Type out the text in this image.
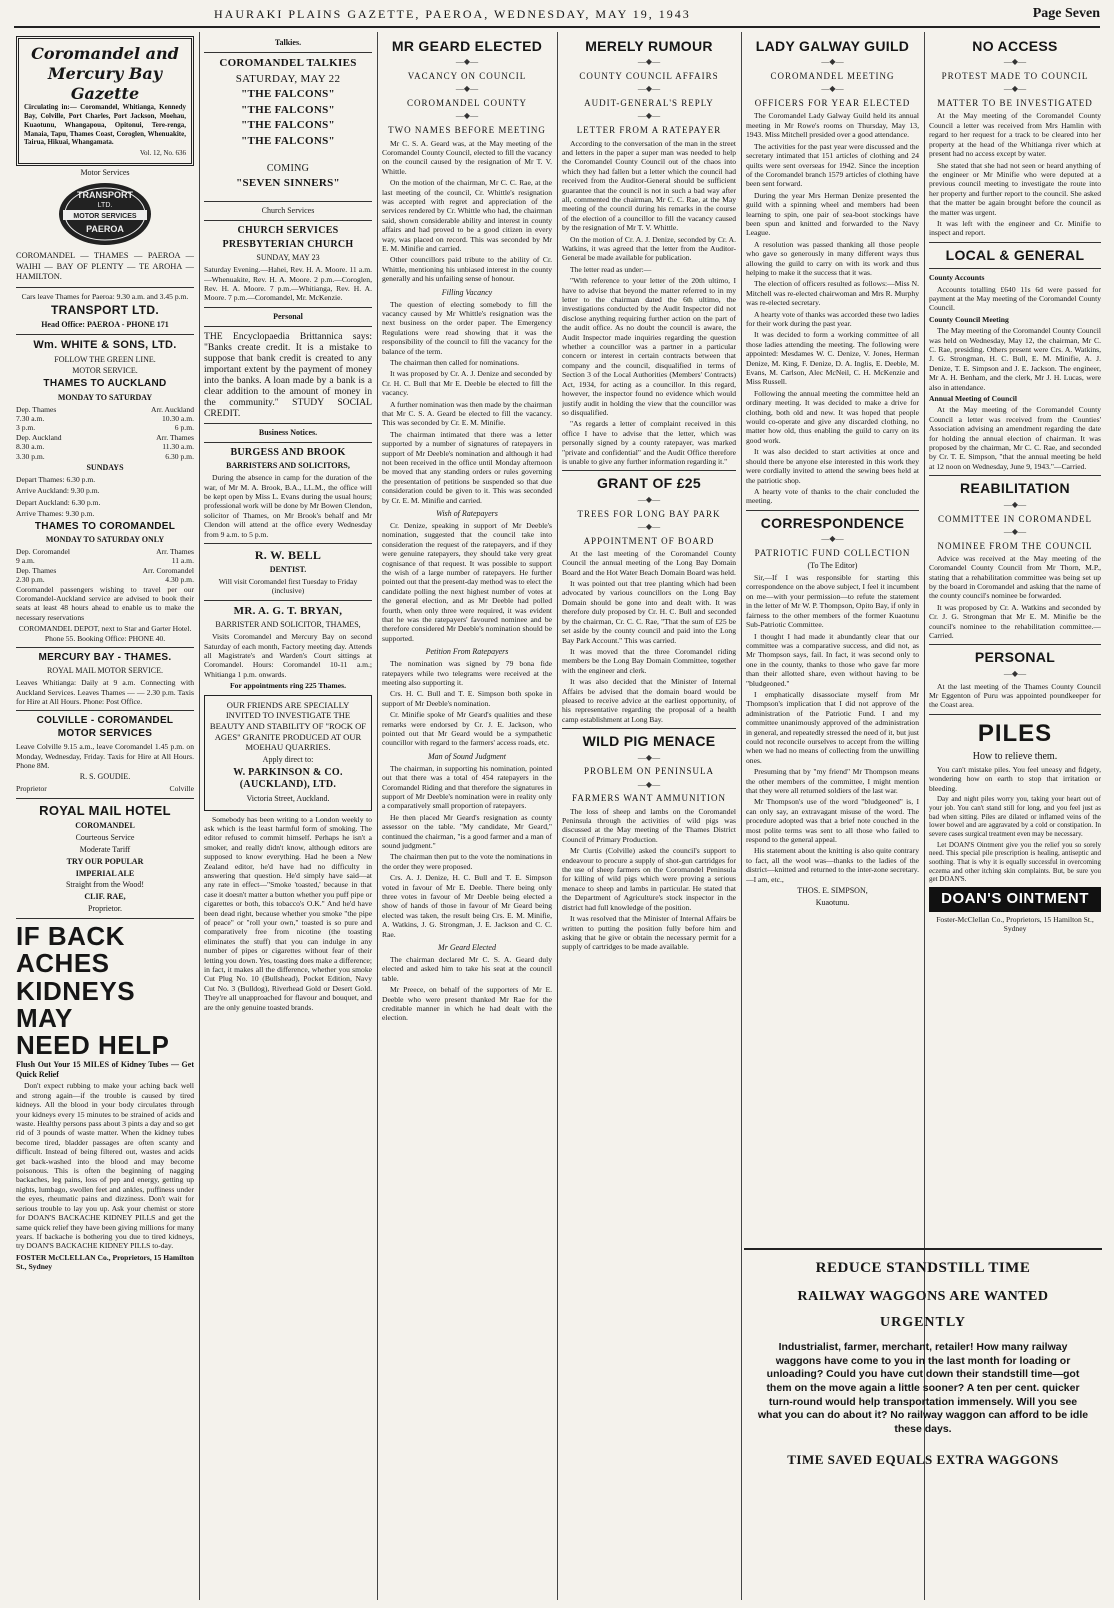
HAURAKI PLAINS GAZETTE, PAEROA, WEDNESDAY, MAY 19, 1943	Page Seven
Coromandel and Mercury Bay Gazette

Circulating in:— Coromandel, Whitianga, Kennedy Bay, Colville, Port Charles, Port Jackson, Moehau, Kuaotunu, Whangapoua, Opitonui, Tere-renga, Manaia, Tapu, Thames Coast, Coroglen, Whenuakite, Tairua, Hikuai, Whangamata.

Vol. 12, No. 636
Motor Services
TRANSPORT
LTD.
MOTOR SERVICES
PAEROA

COROMANDEL — THAMES — PAEROA — WAIHI — BAY OF PLENTY — TE AROHA — HAMILTON.

Cars leave Thames for Paeroa: 9.30 a.m. and 3.45 p.m.

TRANSPORT LTD.
Head Office: PAEROA - PHONE 171
Wm. WHITE & SONS, LTD.
FOLLOW THE GREEN LINE.
MOTOR SERVICE.
THAMES TO AUCKLAND
MONDAY TO SATURDAY
Dep. Thames	Arr. Auckland
7.30 a.m.	10.30 a.m.
3 p.m.	6 p.m.
Dep. Auckland	Arr. Thames
8.30 a.m.	11.30 a.m.
3.30 p.m.	6.30 p.m.
SUNDAYS

Depart Thames: 6.30 p.m.

Arrive Auckland: 9.30 p.m.

Depart Auckland: 6.30 p.m.

Arrive Thames: 9.30 p.m.

THAMES TO COROMANDEL
MONDAY TO SATURDAY ONLY
Dep. Coromandel	Arr. Thames
9 a.m.	11 a.m.
Dep. Thames	Arr. Coromandel
2.30 p.m.	4.30 p.m.

Coromandel passengers wishing to travel per our Coromandel-Auckland service are advised to book their seats at least 48 hours ahead to enable us to make the necessary reservations

COROMANDEL DEPOT, next to Star and Garter Hotel. Phone 55. Booking Office: PHONE 40.

MERCURY BAY - THAMES.
ROYAL MAIL MOTOR SERVICE.

Leaves Whitianga: Daily at 9 a.m. Connecting with Auckland Services. Leaves Thames — — 2.30 p.m. Taxis for Hire at All Hours. Phone: Post Office.

COLVILLE - COROMANDEL MOTOR SERVICES

Leave Colville 9.15 a.m., leave Coromandel 1.45 p.m. on Monday, Wednesday, Friday. Taxis for Hire at All Hours. Phone 8M.

R. S. GOUDIE.
Proprietor	Colville
ROYAL MAIL HOTEL
COROMANDEL
Courteous Service
Moderate Tariff
TRY OUR POPULAR
IMPERIAL ALE
Straight from the Wood!
CLIF. RAE,
Proprietor.
IF BACK ACHES
KIDNEYS MAY
NEED HELP

Flush Out Your 15 MILES of Kidney Tubes — Get Quick Relief

Don't expect rubbing to make your aching back well and strong again—if the trouble is caused by tired kidneys. All the blood in your body circulates through your kidneys every 15 minutes to be strained of acids and waste. Healthy persons pass about 3 pints a day and so get rid of 3 pounds of waste matter. When the kidney tubes become tired, bladder passages are often scanty and difficult. Instead of being filtered out, wastes and acids get back-washed into the blood and may become poisonous. This is often the beginning of nagging backaches, leg pains, loss of pep and energy, getting up nights, lumbago, swollen feet and ankles, puffiness under the eyes, rheumatic pains and dizziness. Don't wait for serious trouble to lay you up. Ask your chemist or store for DOAN'S BACKACHE KIDNEY PILLS and get the same quick relief they have been giving millions for many years. If backache is bothering you due to tired kidneys, try DOAN'S BACKACHE KIDNEY PILLS to-day.

FOSTER McCLELLAN Co., Proprietors, 15 Hamilton St., Sydney

Talkies.
COROMANDEL TALKIES
SATURDAY, MAY 22
"THE FALCONS"
"THE FALCONS"
"THE FALCONS"
"THE FALCONS"
COMING
"SEVEN SINNERS"
Church Services
CHURCH SERVICES
PRESBYTERIAN CHURCH
SUNDAY, MAY 23

Saturday Evening.—Hahei, Rev. H. A. Moore. 11 a.m.—Whenuakite, Rev. H. A. Moore. 2 p.m.—Coroglen, Rev. H. A. Moore. 7 p.m.—Whitianga, Rev. H. A. Moore. 7 p.m.—Coromandel, Mr. McKenzie.

Personal

THE Encyclopaedia Brittannica says: "Banks create credit. It is a mistake to suppose that bank credit is created to any important extent by the payment of money into the banks. A loan made by a bank is a clear addition to the amount of money in the community." STUDY SOCIAL CREDIT.

Business Notices.
BURGESS AND BROOK
BARRISTERS AND SOLICITORS,

During the absence in camp for the duration of the war, of Mr M. A. Brook, B.A., LL.M., the office will be kept open by Miss L. Evans during the usual hours; professional work will be done by Mr Bowen Clendon, solicitor of Thames, on Mr Brook's behalf and Mr Clendon will attend at the office every Wednesday from 9 a.m. to 5 p.m.

R. W. BELL
DENTIST.

Will visit Coromandel first Tuesday to Friday (inclusive)

MR. A. G. T. BRYAN,
BARRISTER AND SOLICITOR, THAMES,

Visits Coromandel and Mercury Bay on second Saturday of each month, Factory meeting day. Attends all Magistrate's and Warden's Court sittings at Coromandel. Hours: Coromandel 10-11 a.m.; Whitianga 1 p.m. onwards.

For appointments ring 225 Thames.

OUR FRIENDS ARE SPECIALLY INVITED TO INVESTIGATE THE BEAUTY AND STABILITY OF "ROCK OF AGES" GRANITE PRODUCED AT OUR MOEHAU QUARRIES.

Apply direct to:
W. PARKINSON & CO. (AUCKLAND), LTD.
Victoria Street, Auckland.

Somebody has been writing to a London weekly to ask which is the least harmful form of smoking. The editor refused to commit himself. Perhaps he isn't a smoker, and really didn't know, although editors are supposed to know everything. Had he been a New Zealand editor, he'd have had no difficulty in answering that question. He'd simply have said—at any rate in effect—"Smoke 'toasted,' because in that case it doesn't matter a button whether you puff pipe or cigarettes or both, this tobacco's O.K." And he'd have been dead right, because whether you smoke "the pipe of peace" or "roll your own," toasted is so pure and comparatively free from nicotine (the toasting eliminates the stuff) that you can indulge in any number of pipes or cigarettes without fear of their letting you down. Yes, toasting does make a difference; in fact, it makes all the difference, whether you smoke Cut Plug No. 10 (Bullshead), Pocket Edition, Navy Cut No. 3 (Bulldog), Riverhead Gold or Desert Gold. They're all unapproached for flavour and bouquet, and are the only genuine toasted brands.

MR GEARD ELECTED
—◆—
VACANCY ON COUNCIL
—◆—
COROMANDEL COUNTY
—◆—
TWO NAMES BEFORE MEETING

Mr C. S. A. Geard was, at the May meeting of the Coromandel County Council, elected to fill the vacancy on the council caused by the resignation of Mr T. V. Whittle.

On the motion of the chairman, Mr C. C. Rae, at the last meeting of the council, Cr. Whittle's resignation was accepted with regret and appreciation of the services rendered by Cr. Whittle who had, the chairman said, shown considerable ability and interest in county affairs and had proved to be a good citizen in every way, was placed on record. This was seconded by Mr E. M. Minifie and carried.

Other councillors paid tribute to the ability of Cr. Whittle, mentioning his unbiased interest in the county generally and his unfailing sense of honour.

Filling Vacancy

The question of electing somebody to fill the vacancy caused by Mr Whittle's resignation was the next business on the order paper. The Emergency Regulations were read showing that it was the responsibility of the council to fill the vacancy for the balance of the term.

The chairman then called for nominations.

It was proposed by Cr. A. J. Denize and seconded by Cr. H. C. Bull that Mr E. Deeble be elected to fill the vacancy.

A further nomination was then made by the chairman that Mr C. S. A. Geard be elected to fill the vacancy. This was seconded by Cr. E. M. Minifie.

The chairman intimated that there was a letter supported by a number of signatures of ratepayers in support of Mr Deeble's nomination and although it had not been received in the office until Monday afternoon be moved that any standing orders or rules governing the presentation of petitions be suspended so that due consideration could be given to it. This was seconded by Cr. E. M. Minifie and carried.

Wish of Ratepayers

Cr. Denize, speaking in support of Mr Deeble's nomination, suggested that the council take into consideration the request of the ratepayers, and if they were genuine ratepayers, they should take very great cognisance of that request. It was possible to support the wish of a large number of ratepayers. He further pointed out that the present-day method was to elect the candidate polling the next highest number of votes at the general election, and as Mr Deeble had polled fourth, when only three were required, it was evident that he was the ratepayers' favoured nominee and be therefore considered Mr Deeble's nomination should be supported.

Petition From Ratepayers

The nomination was signed by 79 bona fide ratepayers while two telegrams were received at the meeting also supporting it.

Crs. H. C. Bull and T. E. Simpson both spoke in support of Mr Deeble's nomination.

Cr. Minifie spoke of Mr Geard's qualities and these remarks were endorsed by Cr. J. E. Jackson, who pointed out that Mr Geard would be a sympathetic councillor with regard to the farmers' access roads, etc.

Man of Sound Judgment

The chairman, in supporting his nomination, pointed out that there was a total of 454 ratepayers in the Coromandel Riding and that therefore the signatures in support of Mr Deeble's nomination were in reality only a comparatively small proportion of ratepayers.

He then placed Mr Geard's resignation as county assessor on the table. "My candidate, Mr Geard," continued the chairman, "is a good farmer and a man of sound judgment."

The chairman then put to the vote the nominations in the order they were proposed.

Crs. A. J. Denize, H. C. Bull and T. E. Simpson voted in favour of Mr E. Deeble. There being only three votes in favour of Mr Deeble being elected a show of hands of those in favour of Mr Geard being elected was taken, the result being Crs. E. M. Minifie, A. Watkins, J. G. Strongman, J. E. Jackson and C. C. Rae.

Mr Geard Elected

The chairman declared Mr C. S. A. Geard duly elected and asked him to take his seat at the council table.

Mr Preece, on behalf of the supporters of Mr E. Deeble who were present thanked Mr Rae for the creditable manner in which he had dealt with the election.

MERELY RUMOUR
—◆—
COUNTY COUNCIL AFFAIRS
—◆—
AUDIT-GENERAL'S REPLY
—◆—
LETTER FROM A RATEPAYER

According to the conversation of the man in the street and letters in the paper a super man was needed to help the Coromandel County Council out of the chaos into which they had fallen but a letter which the council had received from the Auditor-General should be sufficient guarantee that the council is not in such a bad way after all, commented the chairman, Mr C. C. Rae, at the May meeting of the council during his remarks in the course of the election of a councillor to fill the vacancy caused by the resignation of Mr T. V. Whittle.

On the motion of Cr. A. J. Denize, seconded by Cr. A. Watkins, it was agreed that the letter from the Auditor-General be made available for publication.

The letter read as under:—

"With reference to your letter of the 20th ultimo, I have to advise that beyond the matter referred to in my letter to the chairman dated the 6th ultimo, the investigations conducted by the Audit Inspector did not disclose anything requiring further action on the part of the audit office. As no doubt the council is aware, the Audit Inspector made inquiries regarding the question whether a councillor was a partner in a particular concern or interest in certain contracts between that company and the council, disqualified in terms of Section 3 of the Local Authorities (Members' Contracts) Act, 1934, for acting as a councillor. In this regard, however, the inspector found no evidence which would justify audit in holding the view that the councillor was so disqualified.

"As regards a letter of complaint received in this office I have to advise that the letter, which was personally signed by a county ratepayer, was marked "private and confidential" and the Audit Office therefore is unable to give any further information regarding it."

GRANT OF £25
—◆—
TREES FOR LONG BAY PARK
—◆—
APPOINTMENT OF BOARD

At the last meeting of the Coromandel County Council the annual meeting of the Long Bay Domain Board and the Hot Water Beach Domain Board was held.

It was pointed out that tree planting which had been advocated by various councillors on the Long Bay Domain should be gone into and dealt with. It was therefore duly proposed by Cr. H. C. Bull and seconded by the chairman, Cr. C. C. Rae, "That the sum of £25 be set aside by the county council and paid into the Long Bay Park Account." This was carried.

It was moved that the three Coromandel riding members be the Long Bay Domain Committee, together with the engineer and clerk.

It was also decided that the Minister of Internal Affairs be advised that the domain board would be pleased to receive advice at the earliest opportunity, of his representative regarding the proposal of a health camp establishment at Long Bay.

WILD PIG MENACE
—◆—
PROBLEM ON PENINSULA
—◆—
FARMERS WANT AMMUNITION

The loss of sheep and lambs on the Coromandel Peninsula through the activities of wild pigs was discussed at the May meeting of the Thames District Council of Primary Production.

Mr Curtis (Colville) asked the council's support to endeavour to procure a supply of shot-gun cartridges for the use of sheep farmers on the Coromandel Peninsula for killing of wild pigs which were proving a serious menace to sheep and lambs in particular. He stated that the Department of Agriculture's stock inspector in the district had full knowledge of the position.

It was resolved that the Minister of Internal Affairs be written to putting the position fully before him and asking that he give or obtain the necessary permit for a supply of cartridges to be made available.

LADY GALWAY GUILD
—◆—
COROMANDEL MEETING
—◆—
OFFICERS FOR YEAR ELECTED

The Coromandel Lady Galway Guild held its annual meeting in Mr Rowe's rooms on Thursday, May 13, 1943. Miss Mitchell presided over a good attendance.

The activities for the past year were discussed and the secretary intimated that 151 articles of clothing and 24 quilts were sent overseas for 1942. Since the inception of the Coromandel branch 1579 articles of clothing have been sent forward.

During the year Mrs Herman Denize presented the guild with a spinning wheel and members had been learning to spin, one pair of sea-boot stockings have been spun and knitted and forwarded to the Navy League.

A resolution was passed thanking all those people who gave so generously in many different ways thus allowing the guild to carry on with its work and thus helping to make it the success that it was.

The election of officers resulted as follows:—Miss N. Mitchell was re-elected chairwoman and Mrs R. Murphy was re-elected secretary.

A hearty vote of thanks was accorded these two ladies for their work during the past year.

It was decided to form a working committee of all those ladies attending the meeting. The following were appointed: Mesdames W. C. Denize, V. Jones, Herman Denize, M. King, F. Denize, D. A. Inglis, E. Deeble, M. Evans, M. Carlson, Alec McNeil, C. H. McKenzie and Miss Russell.

Following the annual meeting the committee held an ordinary meeting. It was decided to make a drive for clothing, both old and new. It was hoped that people would co-operate and give any discarded clothing, no matter how old, thus enabling the guild to carry on its good work.

It was also decided to start activities at once and should there be anyone else interested in this work they were cordially invited to attend the sewing bees held at the patriotic shop.

A hearty vote of thanks to the chair concluded the meeting.

CORRESPONDENCE
—◆—
PATRIOTIC FUND COLLECTION
(To The Editor)

Sir,—If I was responsible for starting this correspondence on the above subject, I feel it incumbent on me—with your permission—to refute the statement in the letter of Mr W. P. Thompson, Opito Bay, if only in fairness to the other members of the former Kuaotunu Sub-Patriotic Committee.

I thought I had made it abundantly clear that our committee was a comparative success, and did not, as Mr Thompson says, fail. In fact, it was second only to one in the county, thanks to those who gave far more than their allotted share, even without having to be "bludgeoned."

I emphatically disassociate myself from Mr Thompson's implication that I did not approve of the administration of the Patriotic Fund. I and my committee unanimously approved of the administration in general, and repeatedly stressed the need of it, but just could not reconcile ourselves to accept from the willing when we had no means of collecting from the unwilling ones.

Presuming that by "my friend" Mr Thompson means the other members of the committee, I might mention that they were all returned soldiers of the last war.

Mr Thompson's use of the word "bludgeoned" is, I can only say, an extravagant misuse of the word. The procedure adopted was that a brief note couched in the most polite terms was sent to all those who failed to respond to the general appeal.

His statement about the knitting is also quite contrary to fact, all the wool was—thanks to the ladies of the district—knitted and returned to the inter-zone secretary.—I am, etc.,

THOS. E. SIMPSON,
Kuaotunu.
NO ACCESS
—◆—
PROTEST MADE TO COUNCIL
—◆—
MATTER TO BE INVESTIGATED

At the May meeting of the Coromandel County Council a letter was received from Mrs Hamlin with regard to her request for a track to be cleared into her property at the head of the Whitianga river which at present had no access except by water.

She stated that she had not seen or heard anything of the engineer or Mr Minifie who were deputed at a previous council meeting to investigate the route into her property and further report to the council. She asked that the matter be again brought before the council as the matter was urgent.

It was left with the engineer and Cr. Minifie to inspect and report.

LOCAL & GENERAL

County Accounts

Accounts totalling £640 11s 6d were passed for payment at the May meeting of the Coromandel County Council.

County Council Meeting

The May meeting of the Coromandel County Council was held on Wednesday, May 12, the chairman, Mr C. C. Rae, presiding. Others present were Crs. A. Watkins, J. G. Strongman, H. C. Bull, E. M. Minifie, A. J. Denize, T. E. Simpson and J. E. Jackson. The engineer, Mr A. H. Benham, and the clerk, Mr J. H. Lucas, were also in attendance.

Annual Meeting of Council

At the May meeting of the Coromandel County Council a letter was received from the Counties' Association advising an amendment regarding the date for holding the annual election of chairman. It was proposed by the chairman, Mr C. C. Rae, and seconded by Cr. T. E. Simpson, "that the annual meeting be held at 12 noon on Wednesday, June 9, 1943."—Carried.

REABILITATION
—◆—
COMMITTEE IN COROMANDEL
—◆—
NOMINEE FROM THE COUNCIL

Advice was received at the May meeting of the Coromandel County Council from Mr Thorn, M.P., stating that a rehabilitation committee was being set up by the board in Coromandel and asking that the name of the county council's nominee be forwarded.

It was proposed by Cr. A. Watkins and seconded by Cr. J. G. Strongman that Mr E. M. Minifie be the council's nominee to the rehabilitation committee.—Carried.

PERSONAL
—◆—

At the last meeting of the Thames County Council Mr Eggenton of Puru was appointed poundkeeper for the Coast area.

PILES
How to relieve them.

You can't mistake piles. You feel uneasy and fidgety, wondering how on earth to stop that irritation or bleeding.

Day and night piles worry you, taking your heart out of your job. You can't stand still for long, and you feel just as bad when sitting. Piles are dilated or inflamed veins of the lower bowel and are aggravated by a cold or constipation. In severe cases surgical treatment even may be necessary.

Let DOAN'S Ointment give you the relief you so sorely need. This special pile prescription is healing, antiseptic and soothing. That is why it is equally successful in overcoming eczema and other itching skin complaints. But, be sure you get DOAN'S.

DOAN'S OINTMENT

Foster-McClellan Co., Proprietors, 15 Hamilton St., Sydney

REDUCE STANDSTILL TIME
RAILWAY WAGGONS ARE WANTED
URGENTLY
Industrialist, farmer, merchant, retailer! How many railway waggons have come to you in the last month for loading or unloading? Could you have cut down their standstill time—got them on the move again a little sooner? A ten per cent. quicker turn-round would help transportation immensely. Will you see what you can do about it? No railway waggon can afford to be idle these days.
TIME SAVED EQUALS EXTRA WAGGONS
